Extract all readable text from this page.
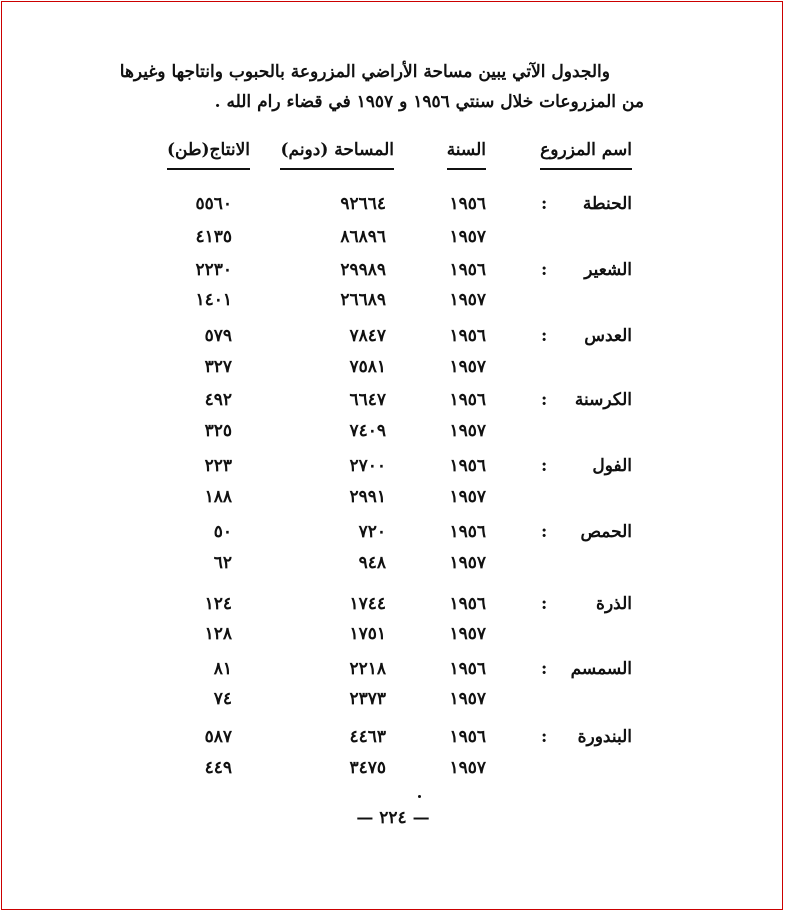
والجدول الآتي يبين مساحة الأراضي المزروعة بالحبوب وانتاجها وغيرها
من المزروعات خلال سنتي ١٩٥٦ و ١٩٥٧ في قضاء رام الله .
اسم المزروع
السنة
المساحة (دونم)
الانتاج(طن)
الحنطة
:
١٩٥٦
٩٢٦٦٤
٥٥٦٠
١٩٥٧
٨٦٨٩٦
٤١٣٥
الشعير
:
١٩٥٦
٢٩٩٨٩
٢٢٣٠
١٩٥٧
٢٦٦٨٩
١٤٠١
العدس
:
١٩٥٦
٧٨٤٧
٥٧٩
١٩٥٧
٧٥٨١
٣٢٧
الكرسنة
:
١٩٥٦
٦٦٤٧
٤٩٢
١٩٥٧
٧٤٠٩
٣٢٥
الفول
:
١٩٥٦
٢٧٠٠
٢٢٣
١٩٥٧
٢٩٩١
١٨٨
الحمص
:
١٩٥٦
٧٢٠
٥٠
١٩٥٧
٩٤٨
٦٢
الذرة
:
١٩٥٦
١٧٤٤
١٢٤
١٩٥٧
١٧٥١
١٢٨
السمسم
:
١٩٥٦
٢٢١٨
٨١
١٩٥٧
٢٣٧٣
٧٤
البندورة
:
١٩٥٦
٤٤٦٣
٥٨٧
١٩٥٧
٣٤٧٥
٤٤٩
— ٢٢٤ —
